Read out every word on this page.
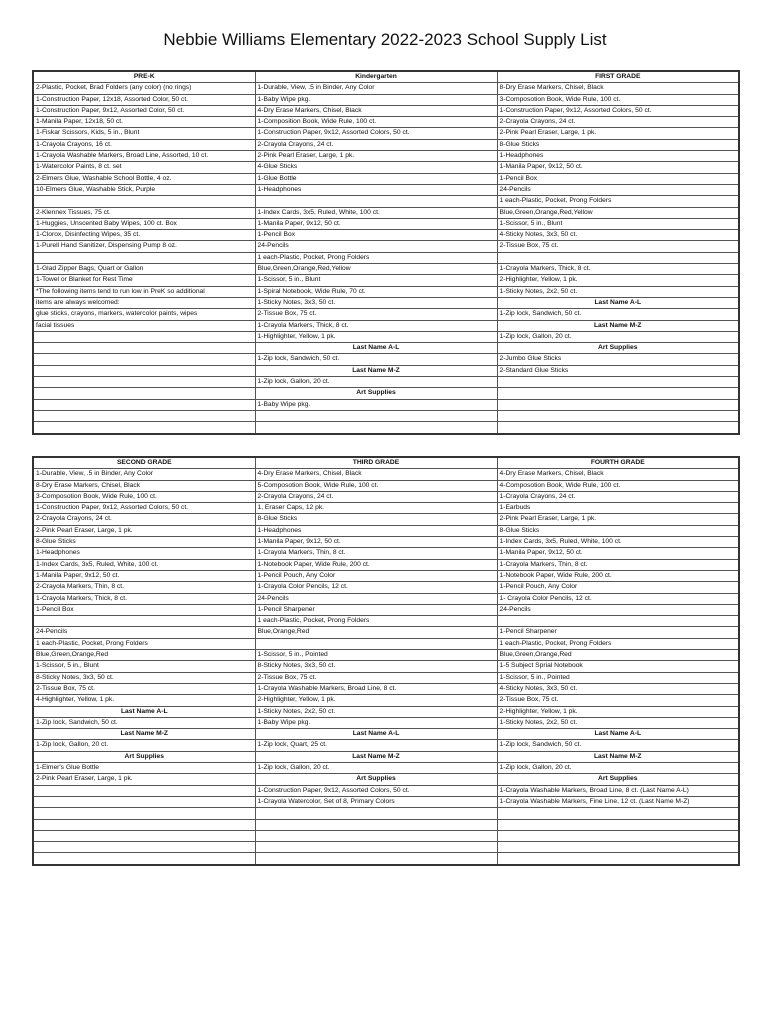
Nebbie Williams Elementary 2022-2023 School Supply List
PRE-K	Kindergarten	FIRST GRADE
2-Plastic, Pocket, Brad Folders (any color) (no rings)	1-Durable, View, .5 in Binder, Any Color	8-Dry Erase Markers, Chisel, Black
1-Construction Paper, 12x18, Assorted Color, 50 ct.	1-Baby Wipe pkg.	3-Composotion Book, Wide Rule, 100 ct.
1-Construction Paper, 9x12, Assorted Color, 50 ct.	4-Dry Erase Markers, Chisel, Black	1-Construction Paper, 9x12, Assorted Colors, 50 ct.
1-Manila Paper, 12x18, 50 ct.	1-Composition Book, Wide Rule, 100 ct.	2-Crayola Crayons, 24 ct.
1-Fiskar Scissors, Kids, 5 in., Blunt	1-Construction Paper, 9x12, Assorted Colors, 50 ct.	2-Pink Pearl Eraser, Large, 1 pk.
1-Crayola Crayons, 16 ct.	2-Crayola Crayons, 24 ct.	8-Glue Sticks
1-Crayola Washable Markers, Broad Line, Assorted, 10 ct.	2-Pink Pearl Eraser, Large, 1 pk.	1-Headphones
1-Watercolor Paints, 8 ct. set	4-Glue Sticks	1-Manila Paper, 9x12, 50 ct.
2-Elmers Glue, Washable School Bottle, 4 oz.	1-Glue Bottle	1-Pencil Box
10-Elmers Glue, Washable Stick, Purple	1-Headphones	24-Pencils
		1 each-Plastic, Pocket, Prong Folders
2-Klennex Tissues, 75 ct.	1-Index Cards, 3x5, Ruled, White, 100 ct.	Blue,Green,Orange,Red,Yellow
1-Huggies, Unscented Baby Wipes, 100 ct. Box	1-Manila Paper, 9x12, 50 ct.	1-Scissor, 5 in., Blunt
1-Clorox, Disinfecting Wipes, 35 ct.	1-Pencil Box	4-Sticky Notes, 3x3, 50 ct.
1-Purell Hand Sanitizer, Dispensing Pump 8 oz.	24-Pencils	2-Tissue Box, 75 ct.
	1 each-Plastic, Pocket, Prong Folders	
1-Glad Zipper Bags, Quart or Gallon	Blue,Green,Orange,Red,Yellow	1-Crayola Markers, Thick, 8 ct.
1-Towel or Blanket for Rest Time	1-Scissor, 5 in., Blunt	2-Highlighter, Yellow, 1 pk.
*The following items tend to run low in PreK so additional	1-Spiral Notebook, Wide Rule, 70 ct.	1-Sticky Notes, 2x2, 50 ct.
items are always welcomed:	1-Sticky Notes, 3x3, 50 ct.	Last Name A-L
glue sticks, crayons, markers, watercolor paints, wipes	2-Tissue Box, 75 ct.	1-Zip lock, Sandwich, 50 ct.
facial tissues	1-Crayola Markers, Thick, 8 ct.	Last Name M-Z
	1-Highlighter, Yellow, 1 pk.	1-Zip lock, Gallon, 20 ct.
	Last Name A-L	Art Supplies
	1-Zip lock, Sandwich, 50 ct.	2-Jumbo Glue Sticks
	Last Name M-Z	2-Standard Glue Sticks
	1-Zip lock, Gallon, 20 ct.	
	Art Supplies	
	1-Baby Wipe pkg.	

SECOND GRADE	THIRD GRADE	FOURTH GRADE
1-Durable, View, .5 in Binder, Any Color	4-Dry Erase Markers, Chisel, Black	4-Dry Erase Markers, Chisel, Black
8-Dry Erase Markers, Chisel, Black	5-Composotion Book, Wide Rule, 100 ct.	4-Composotion Book, Wide Rule, 100 ct.
3-Composotion Book, Wide Rule, 100 ct.	2-Crayola Crayons, 24 ct.	1-Crayola Crayons, 24 ct.
1-Construction Paper, 9x12, Assorted Colors, 50 ct.	1, Eraser Caps, 12 pk.	1-Earbuds
2-Crayola Crayons, 24 ct.	8-Glue Sticks	2-Pink Pearl Eraser, Large, 1 pk.
2-Pink Pearl Eraser, Large, 1 pk.	1-Headphones	8-Glue Sticks
8-Glue Sticks	1-Manila Paper, 9x12, 50 ct.	1-Index Cards, 3x5, Ruled, White, 100 ct.
1-Headphones	1-Crayola Markers, Thin, 8 ct.	1-Manila Paper, 9x12, 50 ct.
1-Index Cards, 3x5, Ruled, White, 100 ct.	1-Notebook Paper, Wide Rule, 200 ct.	1-Crayola Markers, Thin, 8 ct.
1-Manila Paper, 9x12, 50 ct.	1-Pencil Pouch, Any Color	1-Notebook Paper, Wide Rule, 200 ct.
2-Crayola Markers, Thin, 8 ct.	1-Crayola Color Pencils, 12 ct.	1-Pencil Pouch, Any Color
1-Crayola Markers, Thick, 8 ct.	24-Pencils	1- Crayola Color Pencils, 12 ct.
1-Pencil Box	1-Pencil Sharpener	24-Pencils
	1 each-Plastic, Pocket, Prong Folders	
24-Pencils	Blue,Orange,Red	1-Pencil Sharpener
1 each-Plastic, Pocket, Prong Folders		1 each-Plastic, Pocket, Prong Folders
Blue,Green,Orange,Red	1-Scissor, 5 in., Pointed	Blue,Green,Orange,Red
1-Scissor, 5 in., Blunt	8-Sticky Notes, 3x3, 50 ct.	1-5 Subject Sprial Notebook
8-Sticky Notes, 3x3, 50 ct.	2-Tissue Box, 75 ct.	1-Scissor, 5 in., Pointed
2-Tissue Box, 75 ct.	1-Crayola Washable Markers, Broad Line, 8 ct.	4-Sticky Notes, 3x3, 50 ct.
4-Highlighter, Yellow, 1 pk.	2-Highlighter, Yellow, 1 pk.	2-Tissue Box, 75 ct.
Last Name A-L	1-Sticky Notes, 2x2, 50 ct.	2-Highlighter, Yellow, 1 pk.
1-Zip lock, Sandwich, 50 ct.	1-Baby Wipe pkg.	1-Sticky Notes, 2x2, 50 ct.
Last Name M-Z	Last Name A-L	Last Name A-L
1-Zip lock, Gallon, 20 ct.	1-Zip lock, Quart, 25 ct.	1-Zip lock, Sandwich, 50 ct.
Art Supplies	Last Name M-Z	Last Name M-Z
1-Elmer's Glue Bottle	1-Zip lock, Gallon, 20 ct.	1-Zip lock, Gallon, 20 ct.
2-Pink Pearl Eraser, Large, 1 pk.	Art Supplies	Art Supplies
	1-Construction Paper, 9x12, Assorted Colors, 50 ct.	1-Crayola Washable Markers, Broad Line, 8 ct. (Last Name A-L)
	1-Crayola Watercolor, Set of 8, Primary Colors	1-Crayola Washable Markers, Fine Line, 12 ct. (Last Name M-Z)
